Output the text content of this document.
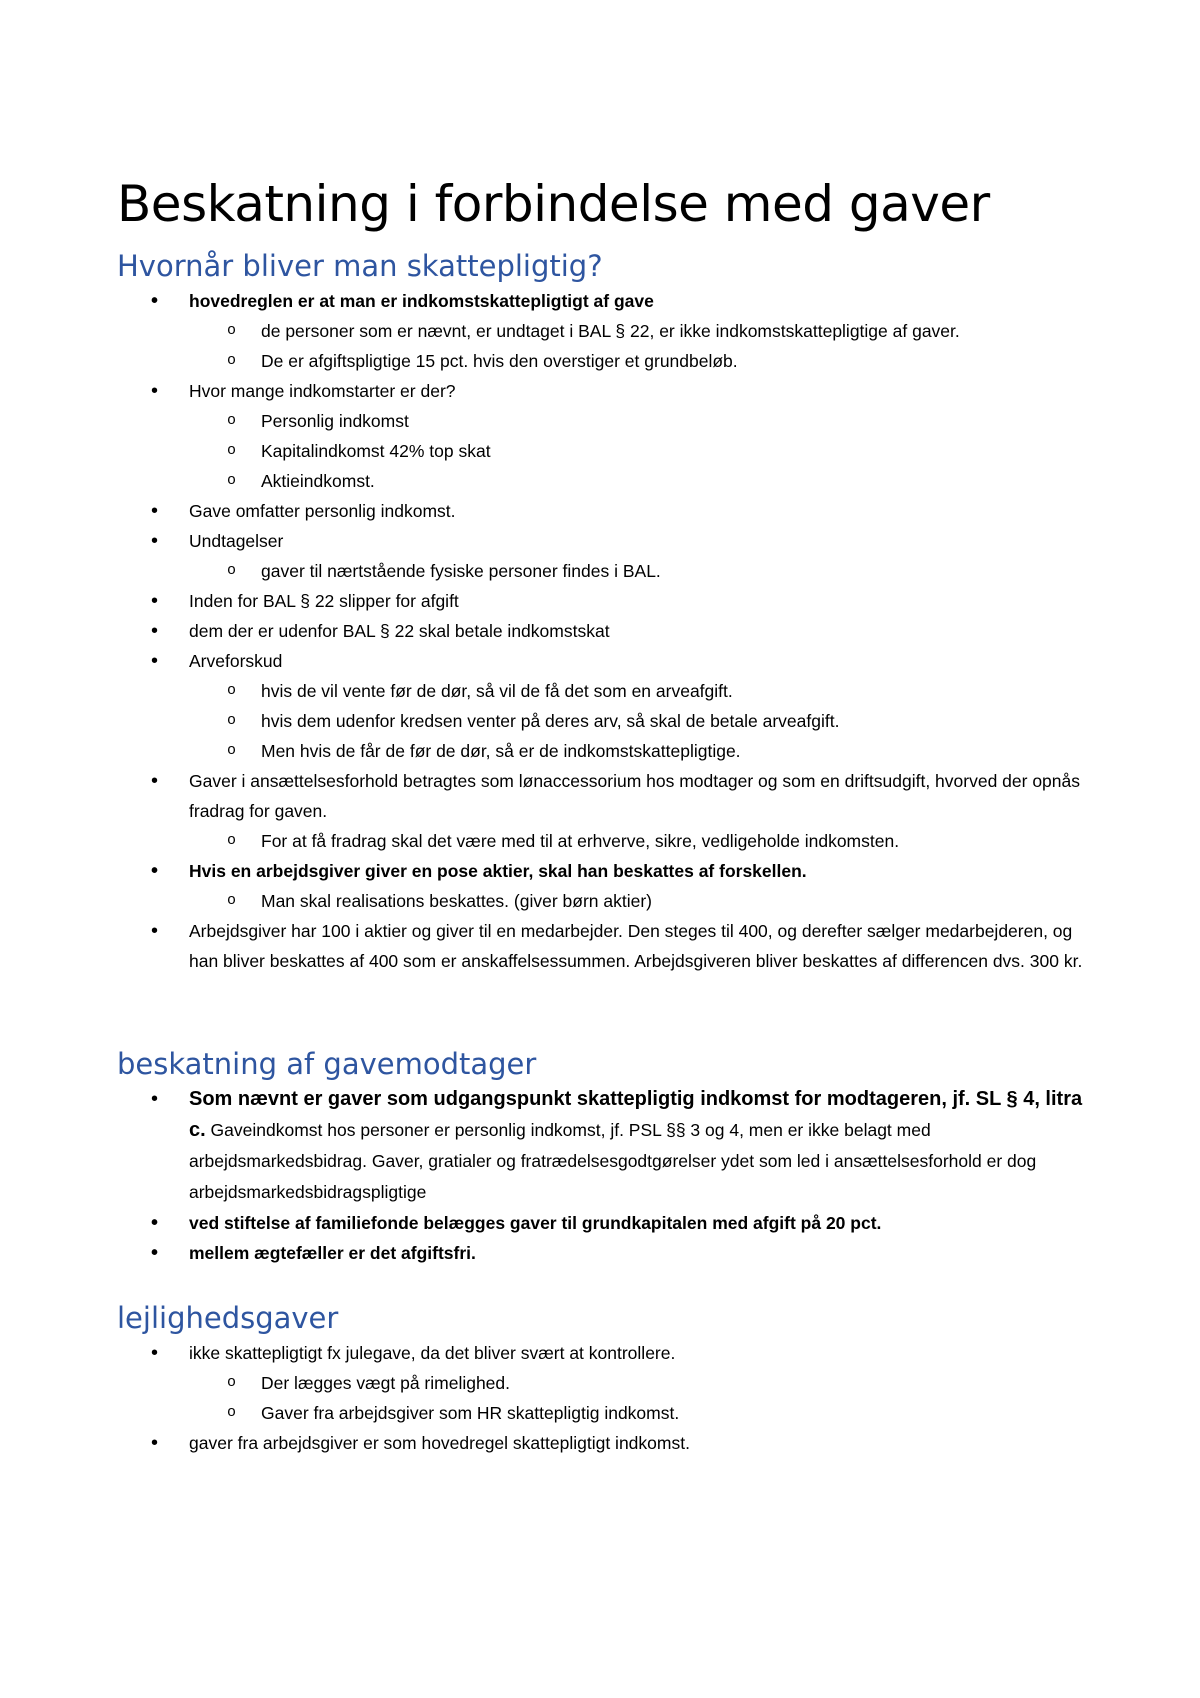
Beskatning i forbindelse med gaver
Hvornår bliver man skattepligtig?
• hovedreglen er at man er indkomstskattepligtigt af gave
o de personer som er nævnt, er undtaget i BAL § 22, er ikke indkomstskattepligtige af gaver.
o De er afgiftspligtige 15 pct. hvis den overstiger et grundbeløb.
• Hvor mange indkomstarter er der?
o Personlig indkomst
o Kapitalindkomst 42% top skat
o Aktieindkomst.
• Gave omfatter personlig indkomst.
• Undtagelser
o gaver til nærtstående fysiske personer findes i BAL.
• Inden for BAL § 22 slipper for afgift
• dem der er udenfor BAL § 22 skal betale indkomstskat
• Arveforskud
o hvis de vil vente før de dør, så vil de få det som en arveafgift.
o hvis dem udenfor kredsen venter på deres arv, så skal de betale arveafgift.
o Men hvis de får de før de dør, så er de indkomstskattepligtige.
• Gaver i ansættelsesforhold betragtes som lønaccessorium hos modtager og som en driftsudgift, hvorved der opnås fradrag for gaven.
o For at få fradrag skal det være med til at erhverve, sikre, vedligeholde indkomsten.
• Hvis en arbejdsgiver giver en pose aktier, skal han beskattes af forskellen.
o Man skal realisations beskattes. (giver børn aktier)
• Arbejdsgiver har 100 i aktier og giver til en medarbejder. Den steges til 400, og derefter sælger medarbejderen, og han bliver beskattes af 400 som er anskaffelsessummen. Arbejdsgiveren bliver beskattes af differencen dvs. 300 kr.
beskatning af gavemodtager
• Som nævnt er gaver som udgangspunkt skattepligtig indkomst for modtageren, jf. SL § 4, litra c. Gaveindkomst hos personer er personlig indkomst, jf. PSL §§ 3 og 4, men er ikke belagt med arbejdsmarkedsbidrag. Gaver, gratialer og fratrædelsesgodtgørelser ydet som led i ansættelsesforhold er dog arbejdsmarkedsbidragspligtige
• ved stiftelse af familiefonde belægges gaver til grundkapitalen med afgift på 20 pct.
• mellem ægtefæller er det afgiftsfri.
lejlighedsgaver
• ikke skattepligtigt fx julegave, da det bliver svært at kontrollere.
o Der lægges vægt på rimelighed.
o Gaver fra arbejdsgiver som HR skattepligtig indkomst.
• gaver fra arbejdsgiver er som hovedregel skattepligtigt indkomst.
